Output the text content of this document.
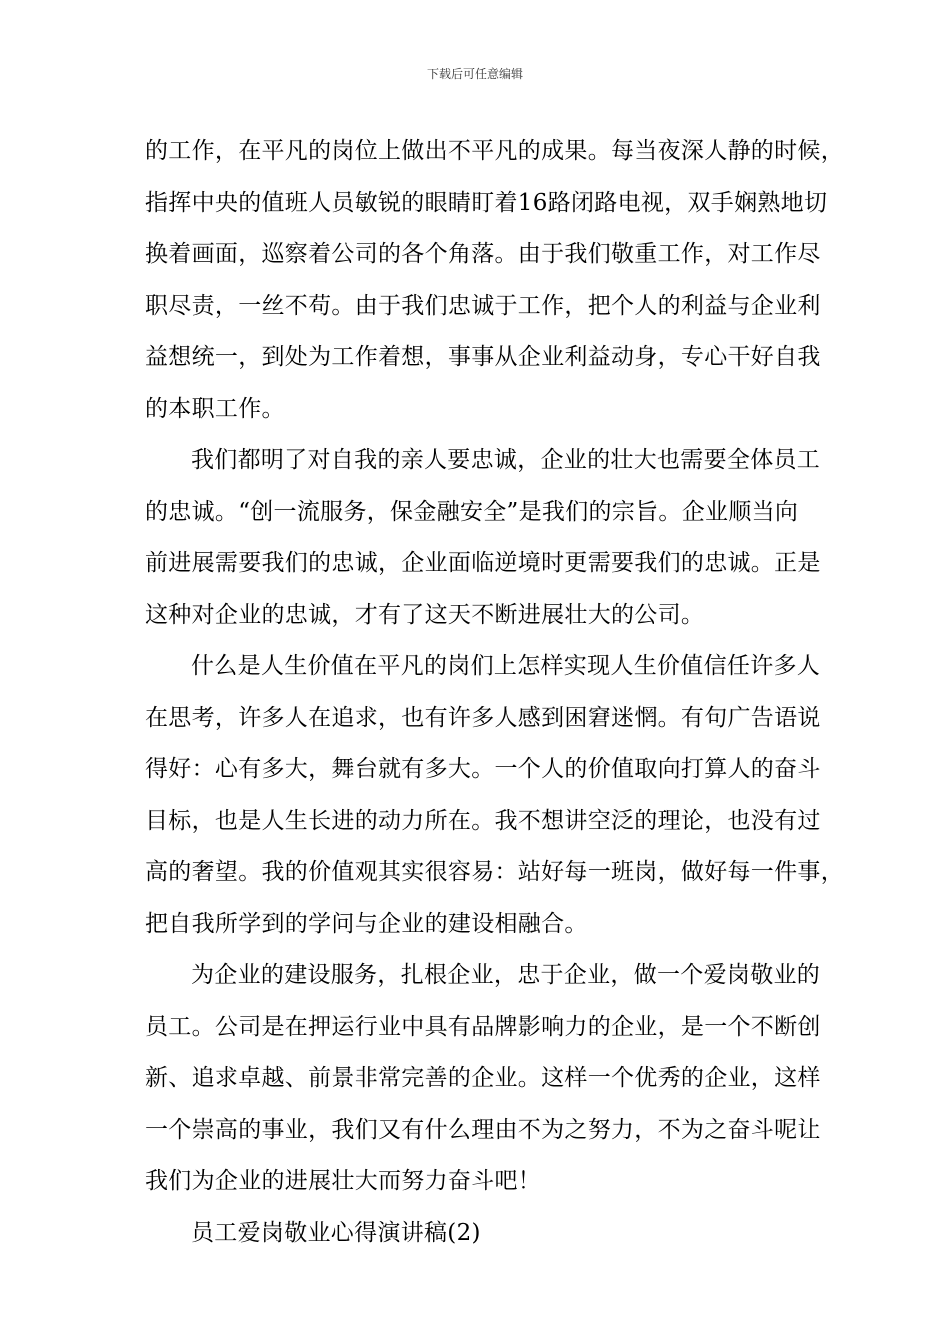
下载后可任意编辑
的工作，在平凡的岗位上做出不平凡的成果。每当夜深人静的时候，
指挥中央的值班人员敏锐的眼睛盯着16路闭路电视，双手娴熟地切
换着画面，巡察着公司的各个角落。由于我们敬重工作，对工作尽
职尽责，一丝不苟。由于我们忠诚于工作，把个人的利益与企业利
益想统一，到处为工作着想，事事从企业利益动身，专心干好自我
的本职工作。
我们都明了对自我的亲人要忠诚，企业的壮大也需要全体员工
的忠诚。“创一流服务，保金融安全”是我们的宗旨。企业顺当向
前进展需要我们的忠诚，企业面临逆境时更需要我们的忠诚。正是
这种对企业的忠诚，才有了这天不断进展壮大的公司。
什么是人生价值在平凡的岗们上怎样实现人生价值信任许多人
在思考，许多人在追求，也有许多人感到困窘迷惘。有句广告语说
得好：心有多大，舞台就有多大。一个人的价值取向打算人的奋斗
目标，也是人生长进的动力所在。我不想讲空泛的理论，也没有过
高的奢望。我的价值观其实很容易：站好每一班岗，做好每一件事，
把自我所学到的学问与企业的建设相融合。
为企业的建设服务，扎根企业，忠于企业，做一个爱岗敬业的
员工。公司是在押运行业中具有品牌影响力的企业，是一个不断创
新、追求卓越、前景非常完善的企业。这样一个优秀的企业，这样
一个崇高的事业，我们又有什么理由不为之努力，不为之奋斗呢让
我们为企业的进展壮大而努力奋斗吧！
员工爱岗敬业心得演讲稿(2)
